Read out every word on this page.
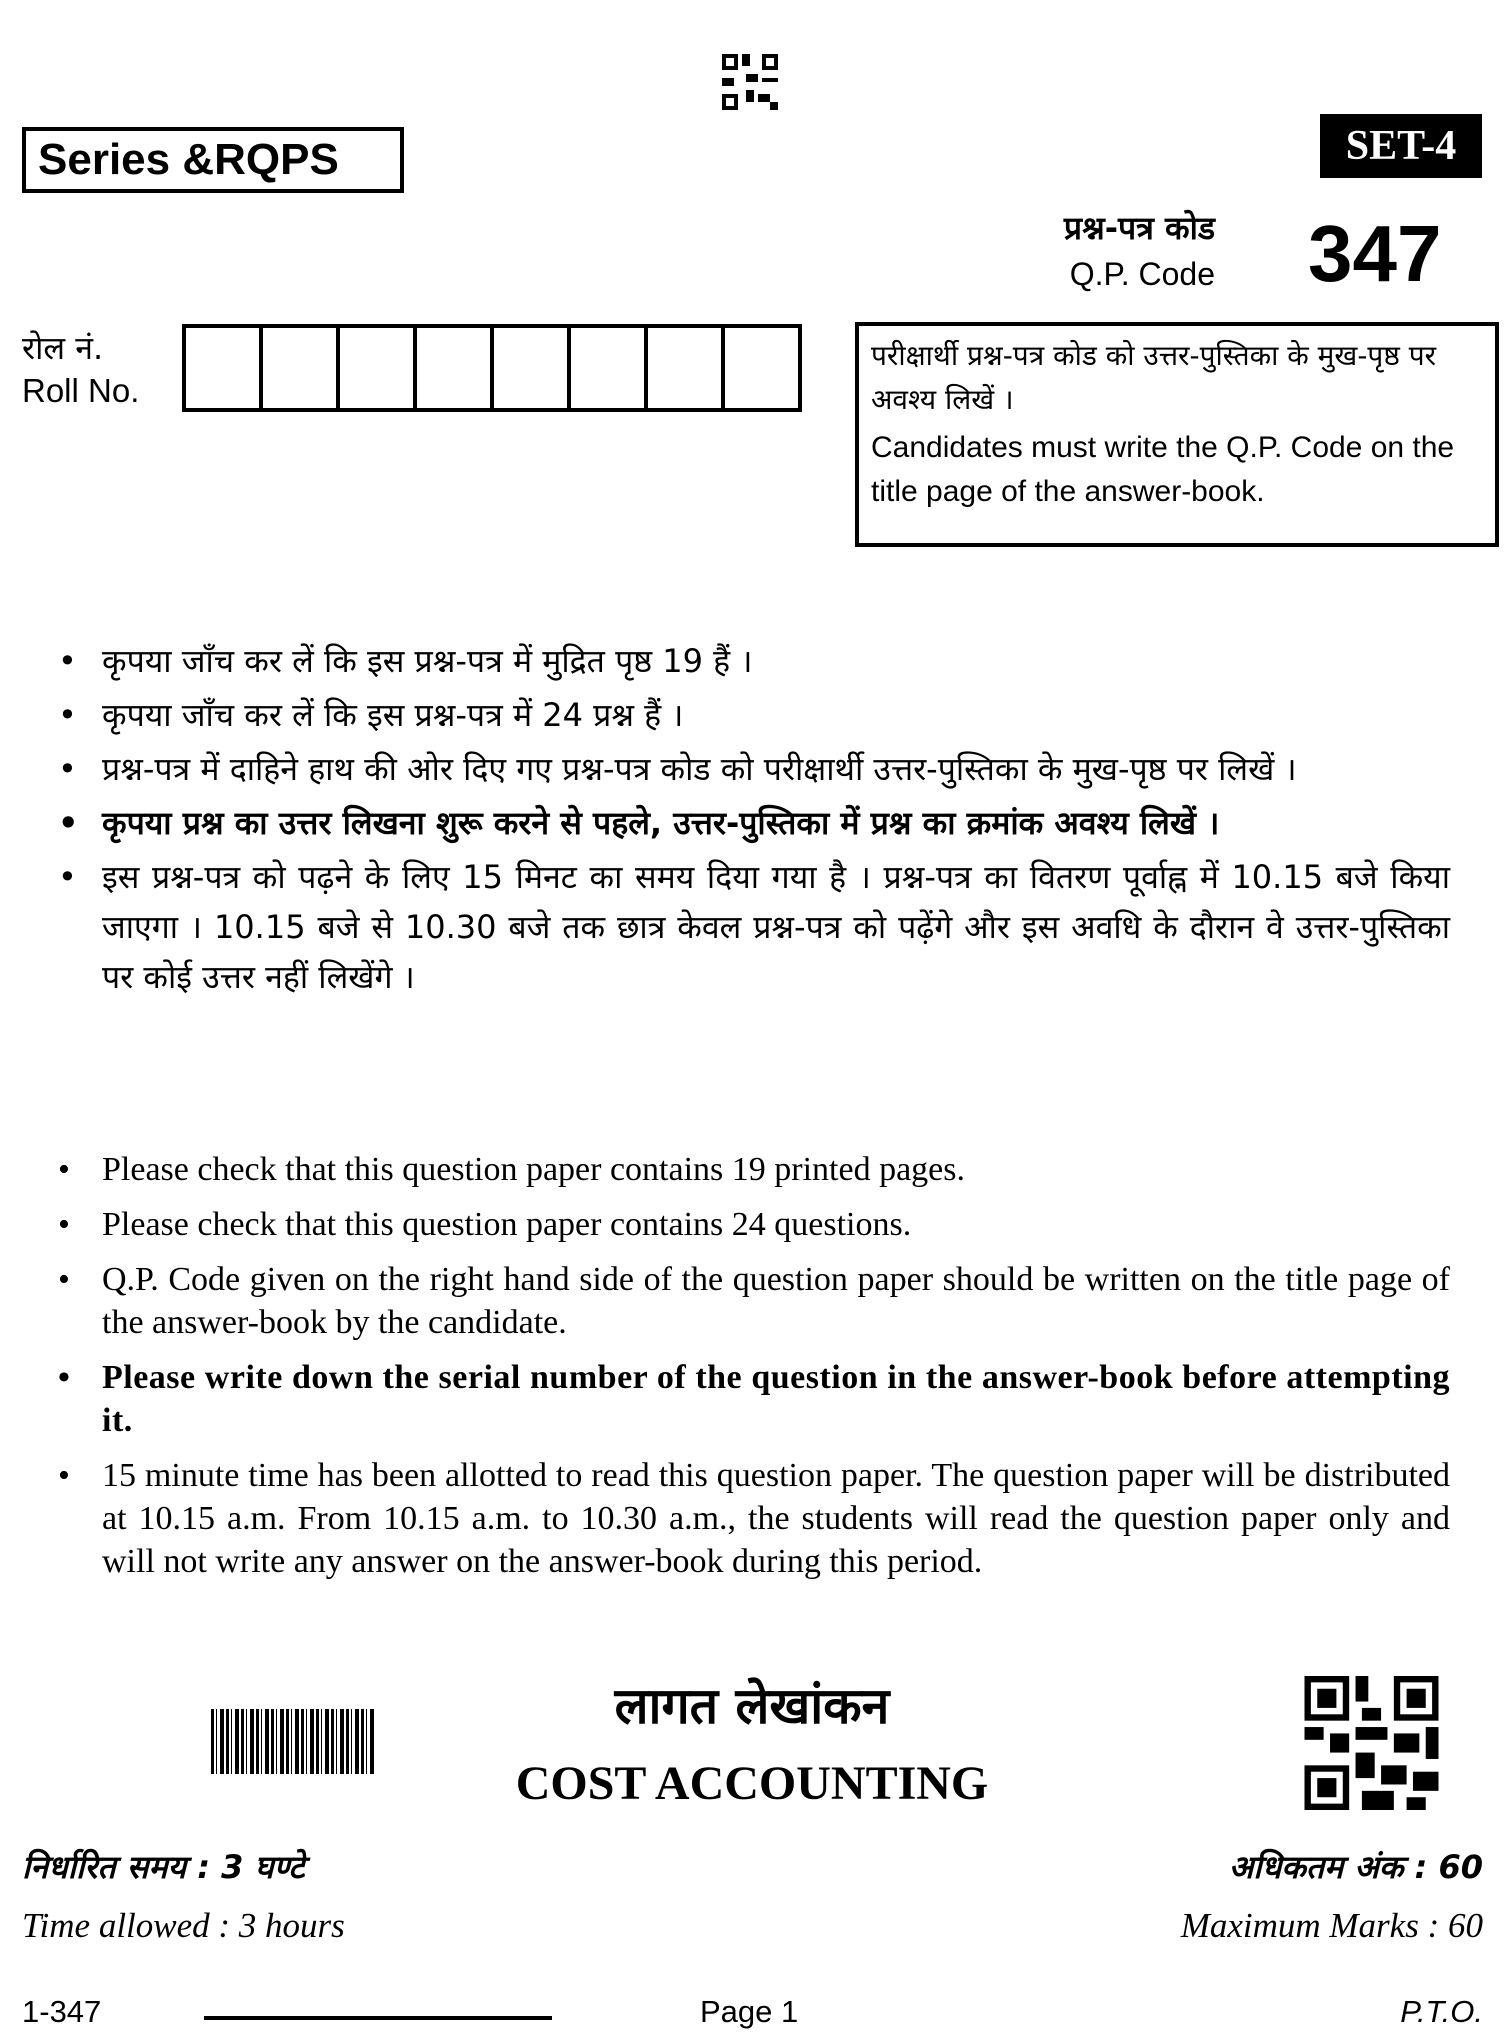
Series &RQPS	SET-4
प्रश्न-पत्र कोड
Q.P. Code 347
रोल नं.
Roll No.
परीक्षार्थी प्रश्न-पत्र कोड को उत्तर-पुस्तिका के मुख-पृष्ठ पर अवश्य लिखें ।
Candidates must write the Q.P. Code on the title page of the answer-book.
• कृपया जाँच कर लें कि इस प्रश्न-पत्र में मुद्रित पृष्ठ 19 हैं ।
• कृपया जाँच कर लें कि इस प्रश्न-पत्र में 24 प्रश्न हैं ।
• प्रश्न-पत्र में दाहिने हाथ की ओर दिए गए प्रश्न-पत्र कोड को परीक्षार्थी उत्तर-पुस्तिका के मुख-पृष्ठ पर लिखें ।
• कृपया प्रश्न का उत्तर लिखना शुरू करने से पहले, उत्तर-पुस्तिका में प्रश्न का क्रमांक अवश्य लिखें ।
• इस प्रश्न-पत्र को पढ़ने के लिए 15 मिनट का समय दिया गया है । प्रश्न-पत्र का वितरण पूर्वाह्न में 10.15 बजे किया जाएगा । 10.15 बजे से 10.30 बजे तक छात्र केवल प्रश्न-पत्र को पढ़ेंगे और इस अवधि के दौरान वे उत्तर-पुस्तिका पर कोई उत्तर नहीं लिखेंगे ।
• Please check that this question paper contains 19 printed pages.
• Please check that this question paper contains 24 questions.
• Q.P. Code given on the right hand side of the question paper should be written on the title page of the answer-book by the candidate.
• Please write down the serial number of the question in the answer-book before attempting it.
• 15 minute time has been allotted to read this question paper. The question paper will be distributed at 10.15 a.m. From 10.15 a.m. to 10.30 a.m., the students will read the question paper only and will not write any answer on the answer-book during this period.
लागत लेखांकन
COST ACCOUNTING
निर्धारित समय : 3 घण्टे
Time allowed : 3 hours
अधिकतम अंक : 60
Maximum Marks : 60
1-347	Page 1	P.T.O.
